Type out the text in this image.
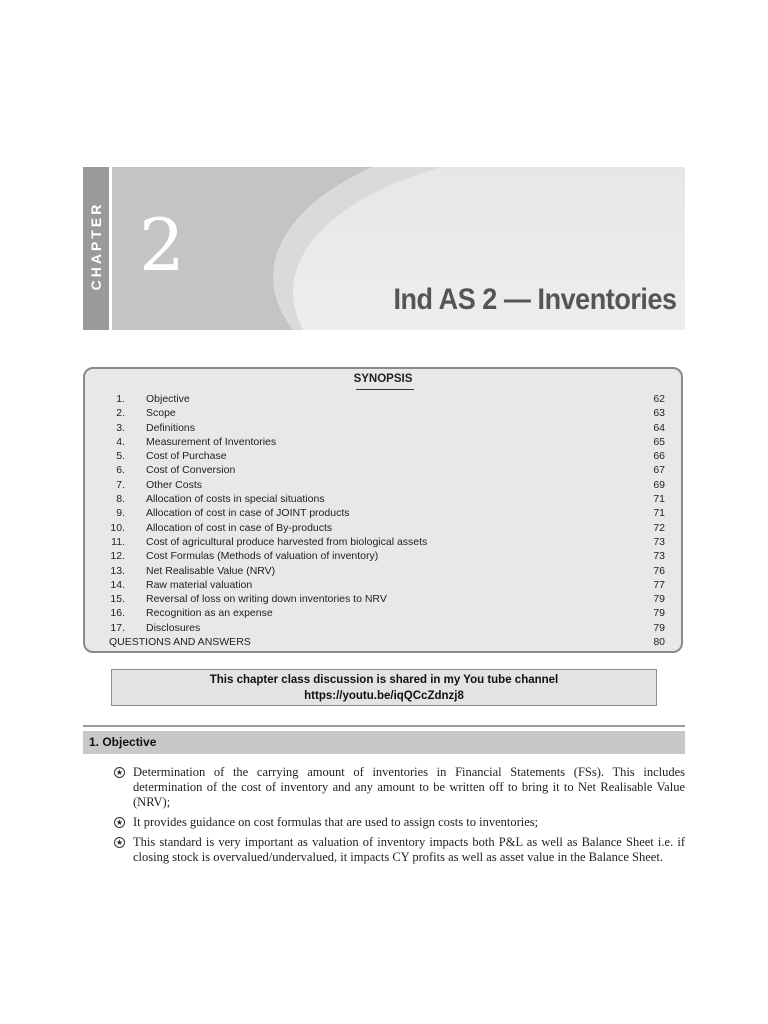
CHAPTER 2
Ind AS 2 — Inventories
SYNOPSIS
1. Objective	62
2. Scope	63
3. Definitions	64
4. Measurement of Inventories	65
5. Cost of Purchase	66
6. Cost of Conversion	67
7. Other Costs	69
8. Allocation of costs in special situations	71
9. Allocation of cost in case of JOINT products	71
10. Allocation of cost in case of By-products	72
11. Cost of agricultural produce harvested from biological assets	73
12. Cost Formulas (Methods of valuation of inventory)	73
13. Net Realisable Value (NRV)	76
14. Raw material valuation	77
15. Reversal of loss on writing down inventories to NRV	79
16. Recognition as an expense	79
17. Disclosures	79
QUESTIONS AND ANSWERS	80
This chapter class discussion is shared in my You tube channel
https://youtu.be/iqQCcZdnzj8
1. Objective
★ Determination of the carrying amount of inventories in Financial Statements (FSs). This includes determination of the cost of inventory and any amount to be written off to bring it to Net Realisable Value (NRV);
★ It provides guidance on cost formulas that are used to assign costs to inventories;
★ This standard is very important as valuation of inventory impacts both P&L as well as Balance Sheet i.e. if closing stock is overvalued/undervalued, it impacts CY profits as well as asset value in the Balance Sheet.
